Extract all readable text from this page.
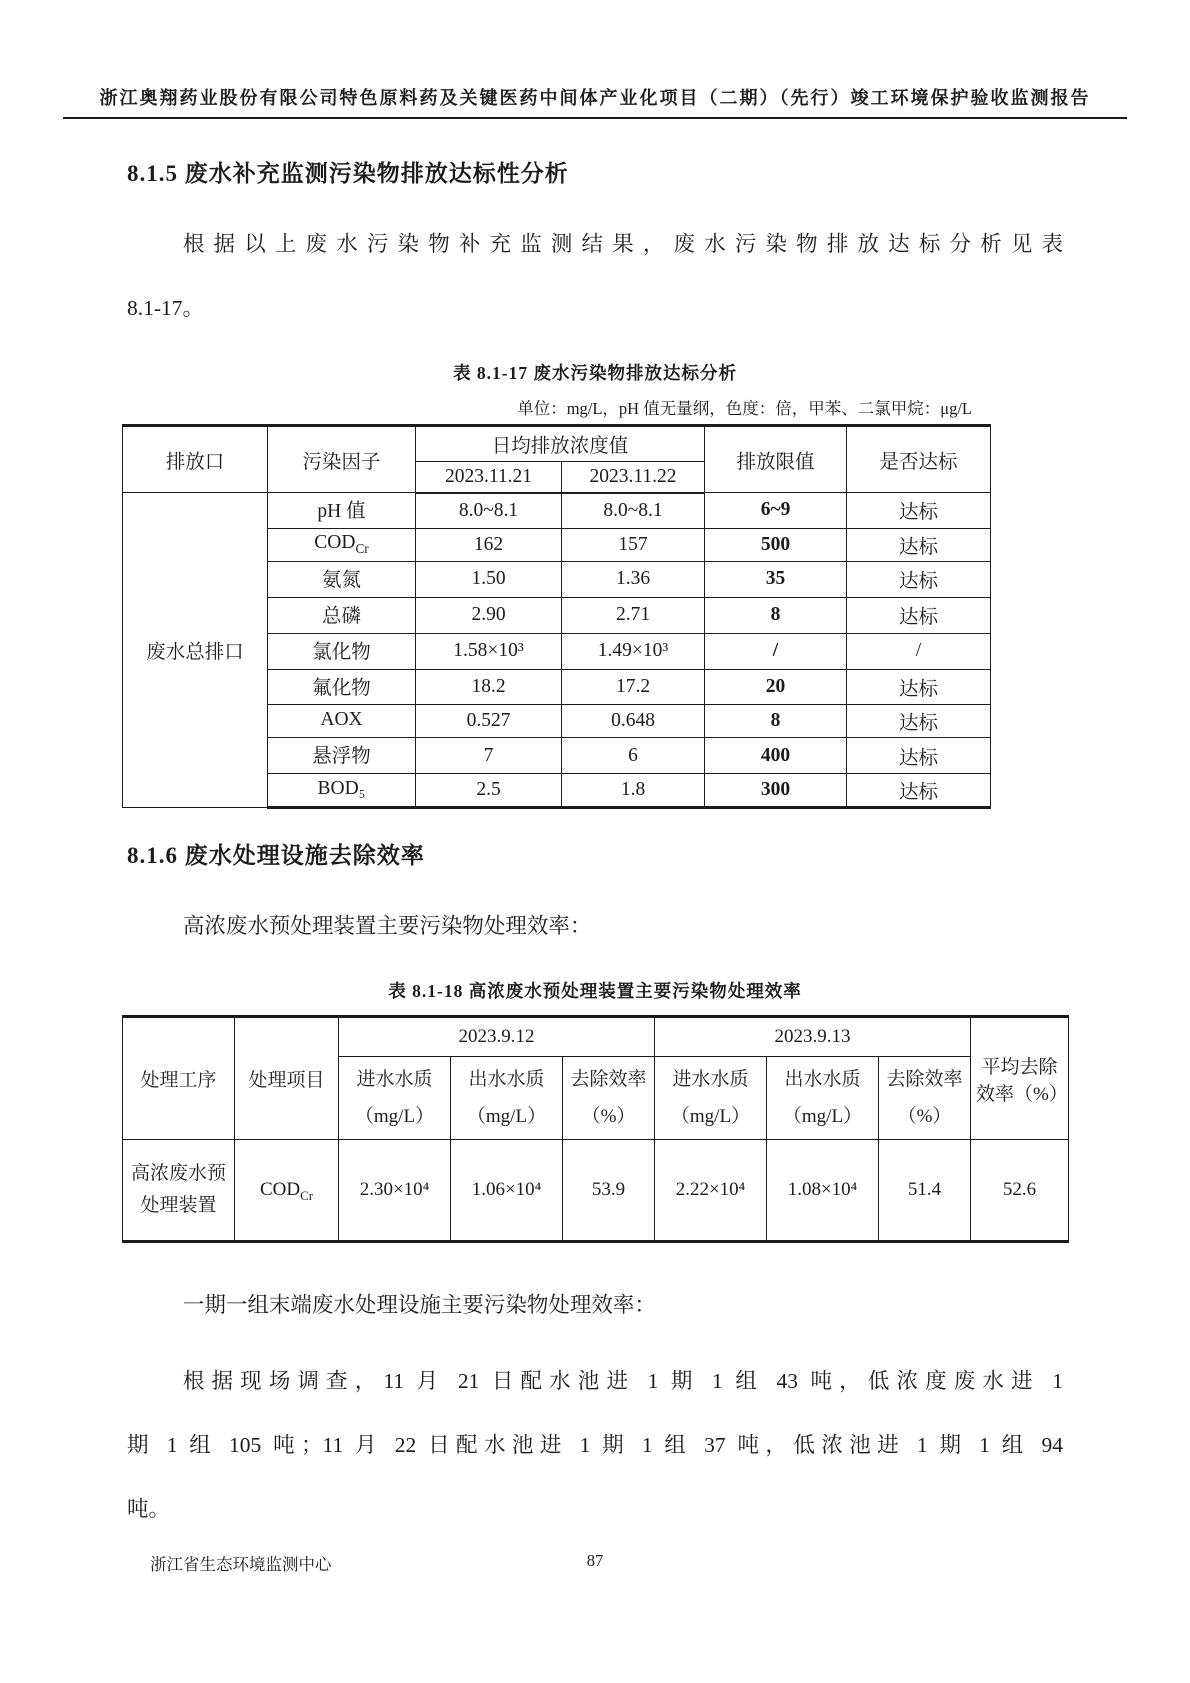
浙江奥翔药业股份有限公司特色原料药及关键医药中间体产业化项目（二期）（先行）竣工环境保护验收监测报告
8.1.5 废水补充监测污染物排放达标性分析
根据以上废水污染物补充监测结果，废水污染物排放达标分析见表
8.1-17。
表 8.1-17 废水污染物排放达标分析
单位：mg/L，pH 值无量纲，色度：倍，甲苯、二氯甲烷：μg/L
排放口	污染因子	日均排放浓度值		排放限值	是否达标
		2023.11.21	2023.11.22		
废水总排口	pH 值	8.0~8.1	8.0~8.1	6~9	达标
	$COD_{Cr}$	162	157	500	达标
	氨氮	1.50	1.36	35	达标
	总磷	2.90	2.71	8	达标
	氯化物	1.58×10³	1.49×10³	/	/
	氟化物	18.2	17.2	20	达标
	AOX	0.527	0.648	8	达标
	悬浮物	7	6	400	达标
	BOD₅	2.5	1.8	300	达标
8.1.6 废水处理设施去除效率
高浓废水预处理装置主要污染物处理效率：
表 8.1-18 高浓废水预处理装置主要污染物处理效率
处理工序	处理项目	2023.9.12			2023.9.13			平均去除效率（%）
		进水水质（mg/L）	出水水质（mg/L）	去除效率（%）	进水水质（mg/L）	出水水质（mg/L）	去除效率（%）	
高浓废水预处理装置	$COD_{Cr}$	2.30×10⁴	1.06×10⁴	53.9	2.22×10⁴	1.08×10⁴	51.4	52.6
一期一组末端废水处理设施主要污染物处理效率：
根据现场调查，11 月 21 日配水池进 1 期 1 组 43 吨，低浓度废水进 1
期 1 组 105 吨；11 月 22 日配水池进 1 期 1 组 37 吨，低浓池进 1 期 1 组 94
吨。
浙江省生态环境监测中心	87
